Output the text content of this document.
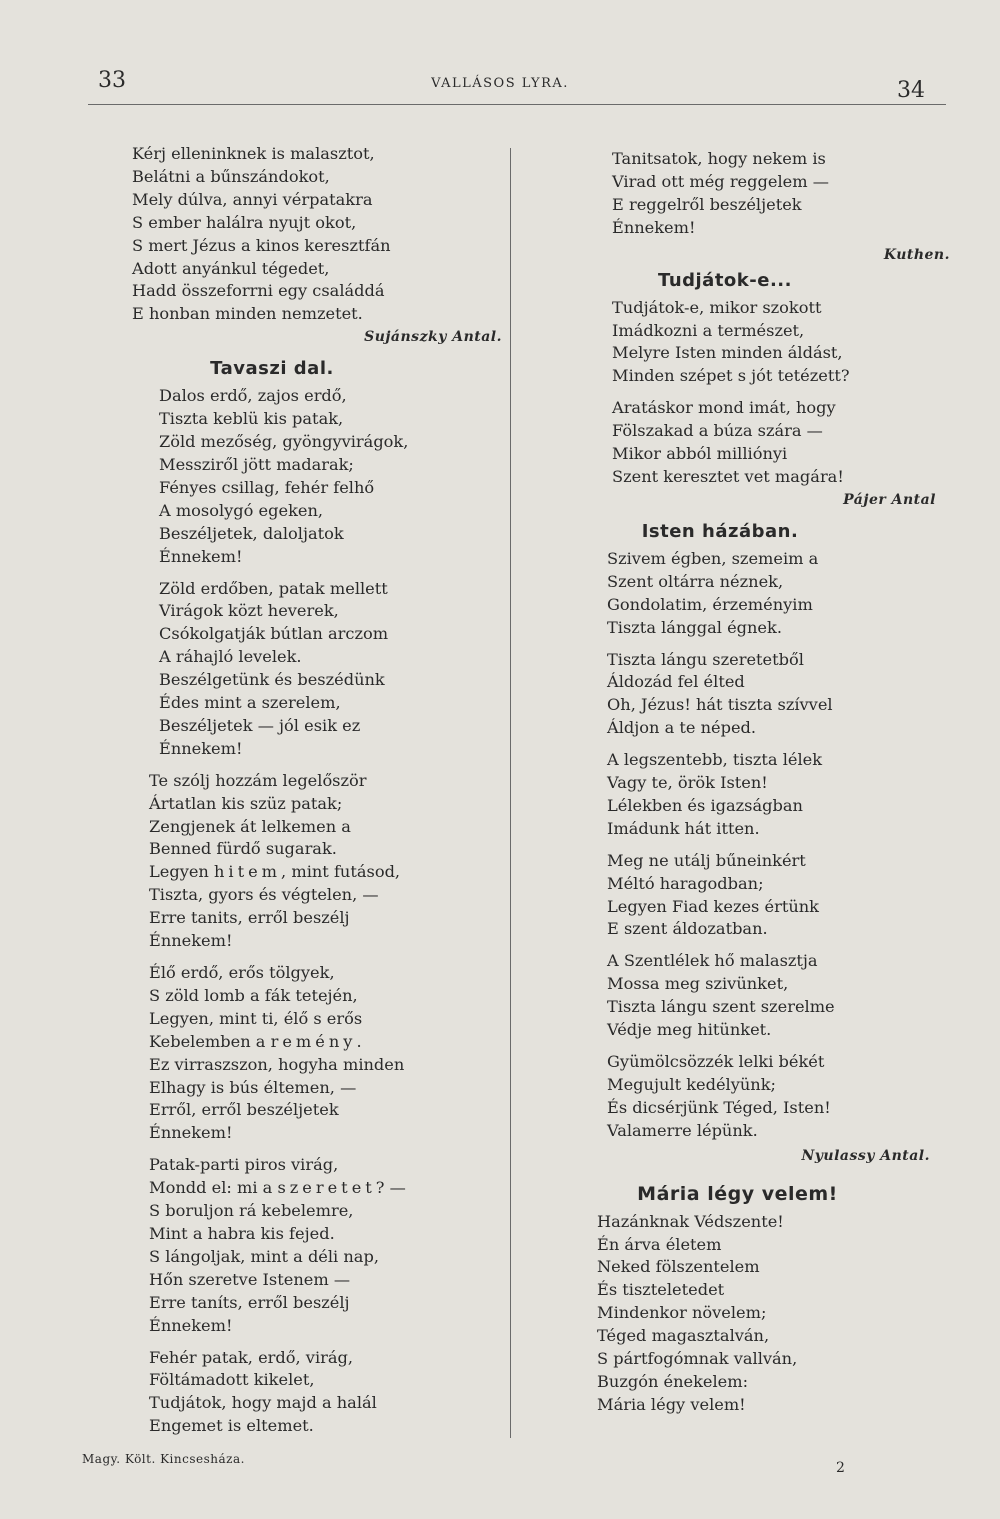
33	VALLÁSOS LYRA.	34
Kérj elleninknek is malasztot,
Belátni a bűnszándokot,
Mely dúlva, annyi vérpatakra
S ember halálra nyujt okot,
S mert Jézus a kinos keresztfán
Adott anyánkul tégedet,
Hadd összeforrni egy családdá
E honban minden nemzetet.
Sujánszky Antal.
Tavaszi dal.
Dalos erdő, zajos erdő,
Tiszta keblü kis patak,
Zöld mezőség, gyöngyvirágok,
Messziről jött madarak;
Fényes csillag, fehér felhő
A mosolygó egeken,
Beszéljetek, daloljatok
Énnekem!
Zöld erdőben, patak mellett
Virágok közt heverek,
Csókolgatják bútlan arczom
A ráhajló levelek.
Beszélgetünk és beszédünk
Édes mint a szerelem,
Beszéljetek — jól esik ez
Énnekem!
Te szólj hozzám legelőször
Ártatlan kis szüz patak;
Zengjenek át lelkemen a
Benned fürdő sugarak.
Legyen hitem, mint futásod,
Tiszta, gyors és végtelen, —
Erre tanits, erről beszélj
Énnekem!
Élő erdő, erős tölgyek,
S zöld lomb a fák tetején,
Legyen, mint ti, élő s erős
Kebelemben a remény.
Ez virraszszon, hogyha minden
Elhagy is bús éltemen, —
Erről, erről beszéljetek
Énnekem!
Patak-parti piros virág,
Mondd el: mi a szeretet? —
S boruljon rá kebelemre,
Mint a habra kis fejed.
S lángoljak, mint a déli nap,
Hőn szeretve Istenem —
Erre taníts, erről beszélj
Énnekem!
Fehér patak, erdő, virág,
Föltámadott kikelet,
Tudjátok, hogy majd a halál
Engemet is eltemet.
Tanitsatok, hogy nekem is
Virad ott még reggelem —
E reggelről beszéljetek
Énnekem!
Kuthen.
Tudjátok-e...
Tudjátok-e, mikor szokott
Imádkozni a természet,
Melyre Isten minden áldást,
Minden szépet s jót tetézett?
Aratáskor mond imát, hogy
Fölszakad a búza szára —
Mikor abból milliónyi
Szent keresztet vet magára!
Pájer Antal
Isten házában.
Szivem égben, szemeim a
Szent oltárra néznek,
Gondolatim, érzeményim
Tiszta lánggal égnek.
Tiszta lángu szeretetből
Áldozád fel élted
Oh, Jézus! hát tiszta szívvel
Áldjon a te néped.
A legszentebb, tiszta lélek
Vagy te, örök Isten!
Lélekben és igazságban
Imádunk hát itten.
Meg ne utálj bűneinkért
Méltó haragodban;
Legyen Fiad kezes értünk
E szent áldozatban.
A Szentlélek hő malasztja
Mossa meg szivünket,
Tiszta lángu szent szerelme
Védje meg hitünket.
Gyümölcsözzék lelki békét
Megujult kedélyünk;
És dicsérjünk Téged, Isten!
Valamerre lépünk.
Nyulassy Antal.
Mária légy velem!
Hazánknak Védszente!
Én árva életem
Neked fölszentelem
És tiszteletedet
Mindenkor növelem;
Téged magasztalván,
S pártfogómnak vallván,
Buzgón énekelem:
Mária légy velem!
Magy. Költ. Kincsesháza.
2
